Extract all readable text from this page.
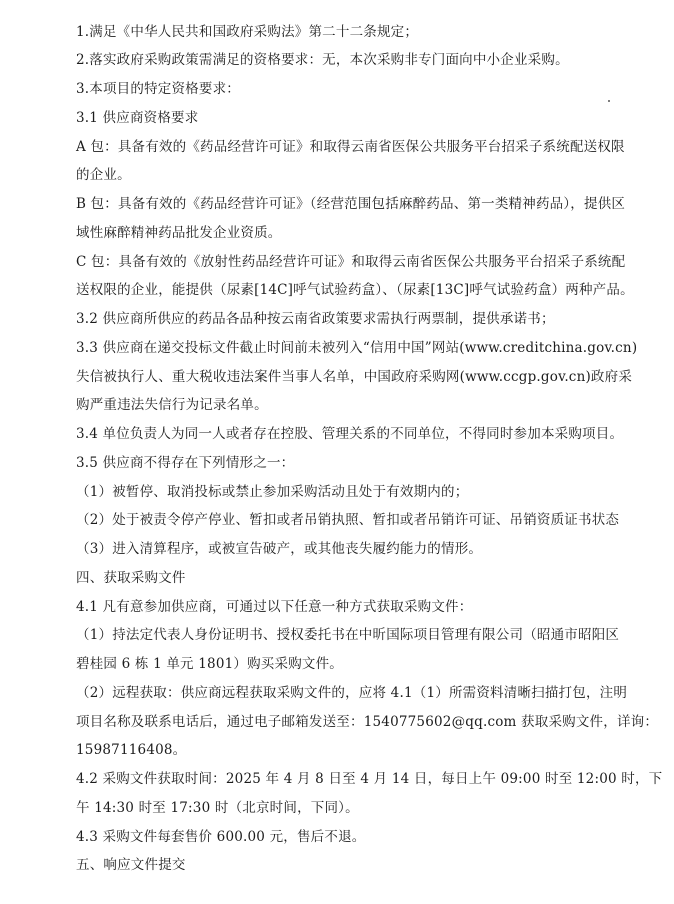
1.满足《中华人民共和国政府采购法》第二十二条规定；
2.落实政府采购政策需满足的资格要求：无，本次采购非专门面向中小企业采购。
3.本项目的特定资格要求：
3.1 供应商资格要求
A 包：具备有效的《药品经营许可证》和取得云南省医保公共服务平台招采子系统配送权限
的企业。
B 包：具备有效的《药品经营许可证》（经营范围包括麻醉药品、第一类精神药品），提供区
域性麻醉精神药品批发企业资质。
C 包：具备有效的《放射性药品经营许可证》和取得云南省医保公共服务平台招采子系统配
送权限的企业，能提供（尿素[14C]呼气试验药盒）、（尿素[13C]呼气试验药盒）两种产品。
3.2 供应商所供应的药品各品种按云南省政策要求需执行两票制，提供承诺书；
3.3 供应商在递交投标文件截止时间前未被列入“信用中国”网站(www.creditchina.gov.cn)
失信被执行人、重大税收违法案件当事人名单，中国政府采购网(www.ccgp.gov.cn)政府采
购严重违法失信行为记录名单。
3.4 单位负责人为同一人或者存在控股、管理关系的不同单位，不得同时参加本采购项目。
3.5 供应商不得存在下列情形之一：
（1）被暂停、取消投标或禁止参加采购活动且处于有效期内的；
（2）处于被责令停产停业、暂扣或者吊销执照、暂扣或者吊销许可证、吊销资质证书状态
（3）进入清算程序，或被宣告破产，或其他丧失履约能力的情形。
四、获取采购文件
4.1 凡有意参加供应商，可通过以下任意一种方式获取采购文件：
（1）持法定代表人身份证明书、授权委托书在中昕国际项目管理有限公司（昭通市昭阳区
碧桂园 6 栋 1 单元 1801）购买采购文件。
（2）远程获取：供应商远程获取采购文件的，应将 4.1（1）所需资料清晰扫描打包，注明
项目名称及联系电话后，通过电子邮箱发送至：1540775602@qq.com 获取采购文件，详询：
15987116408。
4.2 采购文件获取时间：2025 年 4 月 8 日至 4 月 14 日，每日上午 09:00 时至 12:00 时，下
午 14:30 时至 17:30 时（北京时间，下同）。
4.3 采购文件每套售价 600.00 元，售后不退。
五、响应文件提交
